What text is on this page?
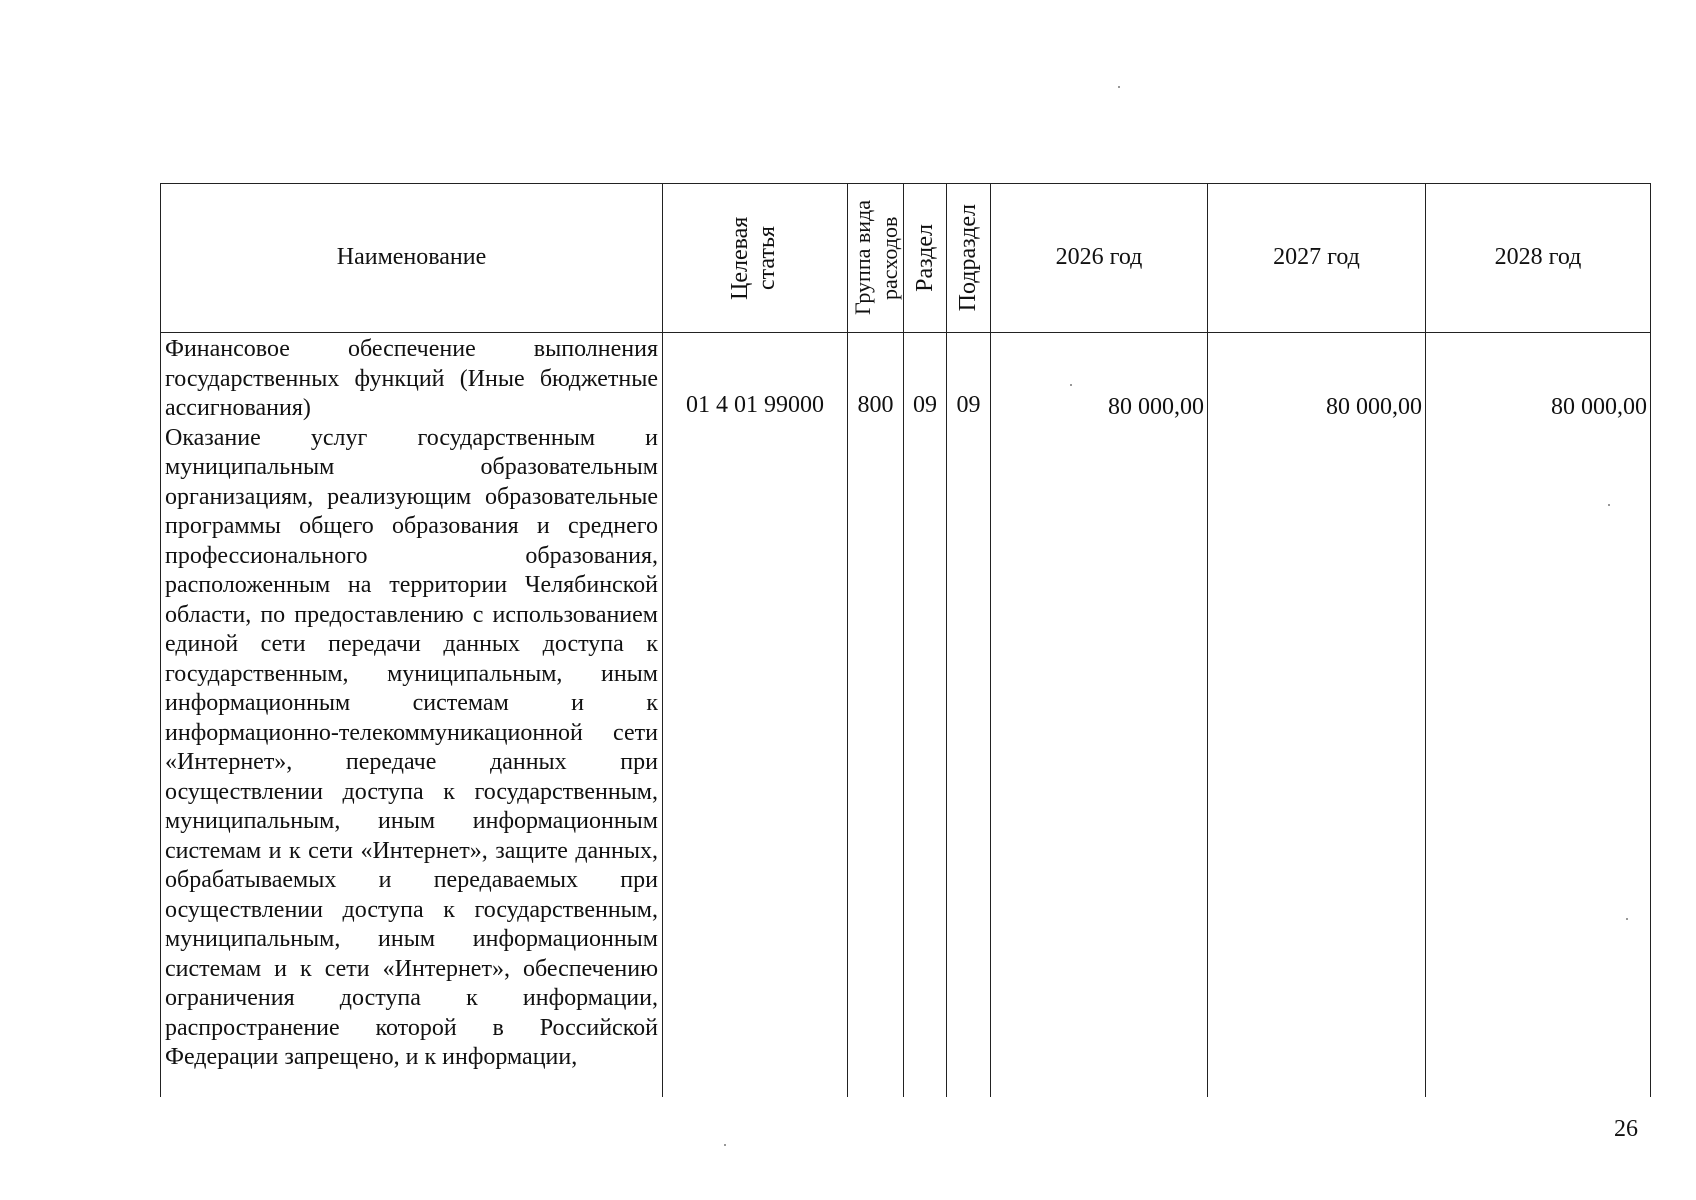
Наименование	Целевая статья	Группа вида расходов	Раздел	Подраздел	2026 год	2027 год	2028 год

Финансовое обеспечение выполнения государственных функций (Иные бюджетные ассигнования)

Оказание услуг государственным и муниципальным образовательным организациям, реализующим образовательные программы общего образования и среднего профессионального образования, расположенным на территории Челябинской области, по предоставлению с использованием единой сети передачи данных доступа к государственным, муниципальным, иным информационным системам и к информационно-телекоммуникационной сети «Интернет», передаче данных при осуществлении доступа к государственным, муниципальным, иным информационным системам и к сети «Интернет», защите данных, обрабатываемых и передаваемых при осуществлении доступа к государственным, муниципальным, иным информационным системам и к сети «Интернет», обеспечению ограничения доступа к информации, распространение которой в Российской Федерации запрещено, и к информации,	01 4 01 99000	800	09	09	80 000,00	80 000,00	80 000,00
26
